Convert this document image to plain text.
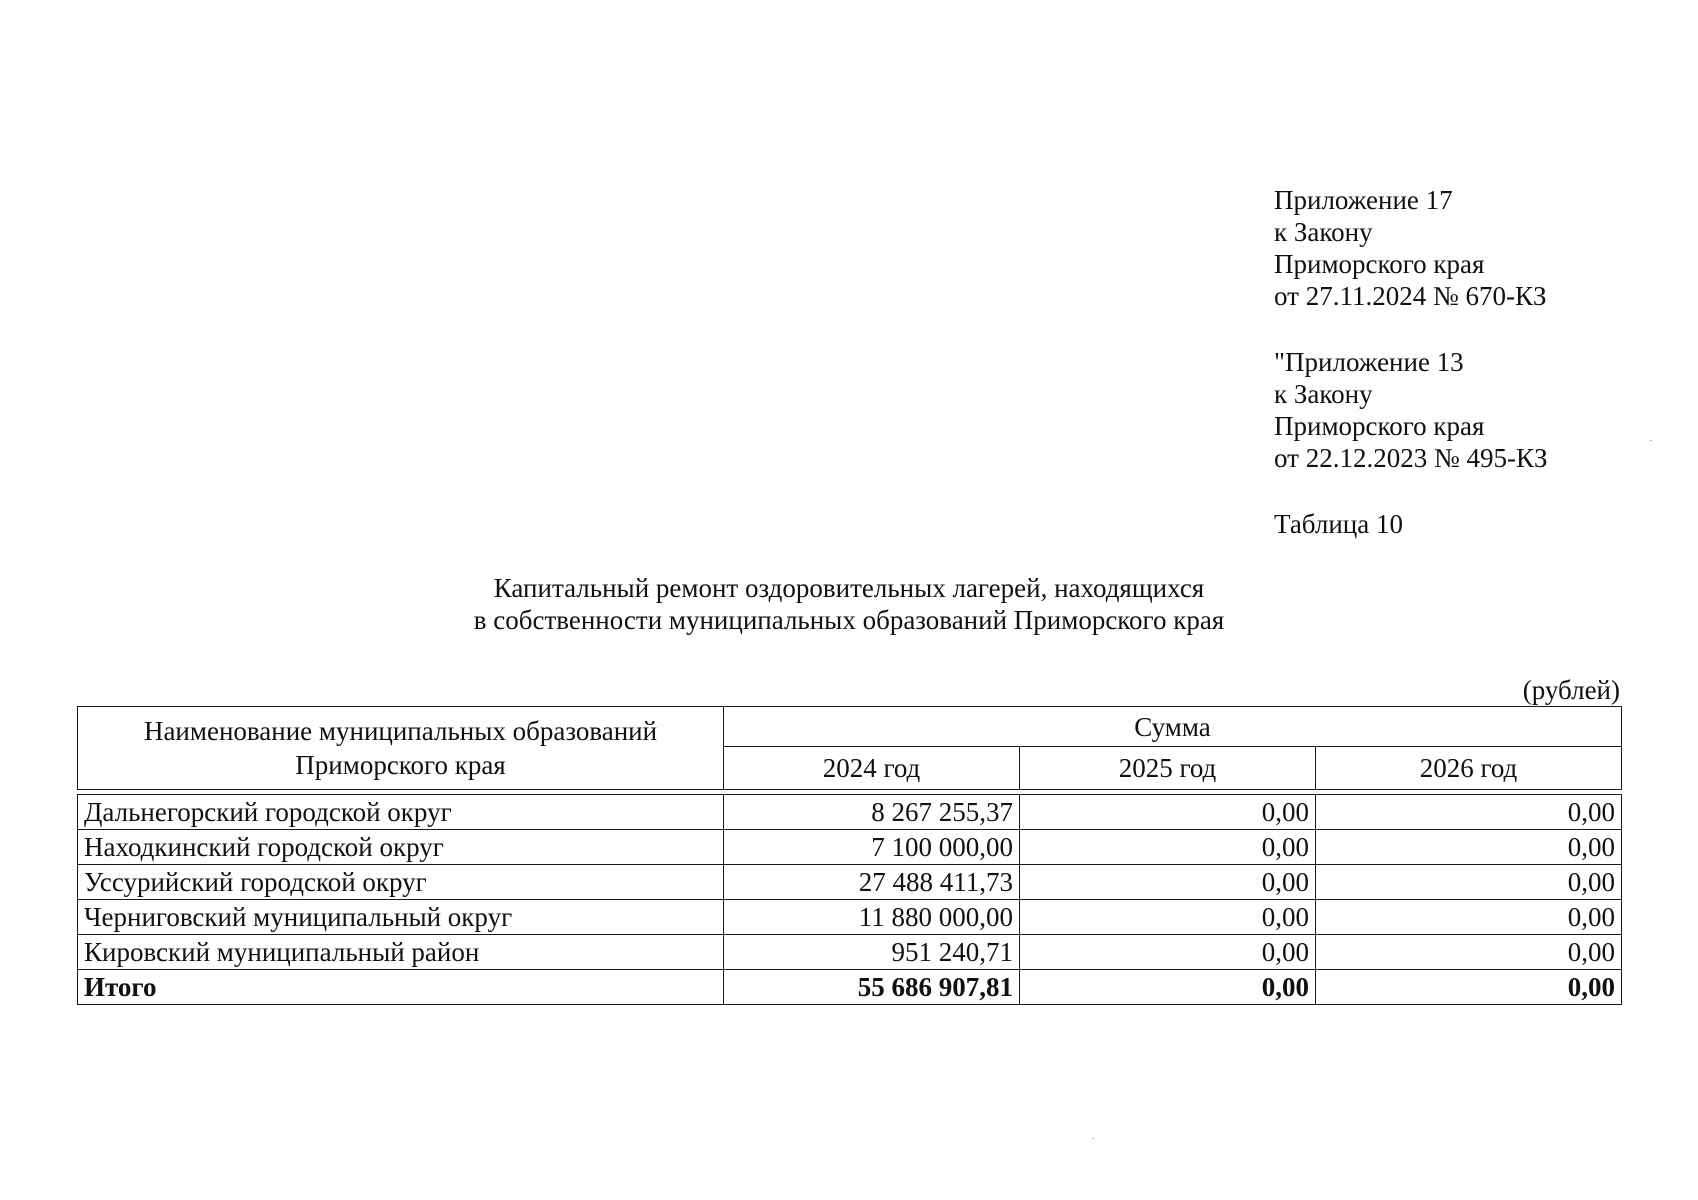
Приложение 17
к Закону
Приморского края
от 27.11.2024 № 670-КЗ
"Приложение 13
к Закону
Приморского края
от 22.12.2023 № 495-КЗ
Таблица 10
Капитальный ремонт оздоровительных лагерей, находящихся
в собственности муниципальных образований Приморского края
(рублей)
Наименование муниципальных образований
Приморского края	Сумма		
	2024 год	2025 год	2026 год

Дальнегорский городской округ	8 267 255,37	0,00	0,00
Находкинский городской округ	7 100 000,00	0,00	0,00
Уссурийский городской округ	27 488 411,73	0,00	0,00
Черниговский муниципальный округ	11 880 000,00	0,00	0,00
Кировский муниципальный район	951 240,71	0,00	0,00
Итого	55 686 907,81	0,00	0,00
